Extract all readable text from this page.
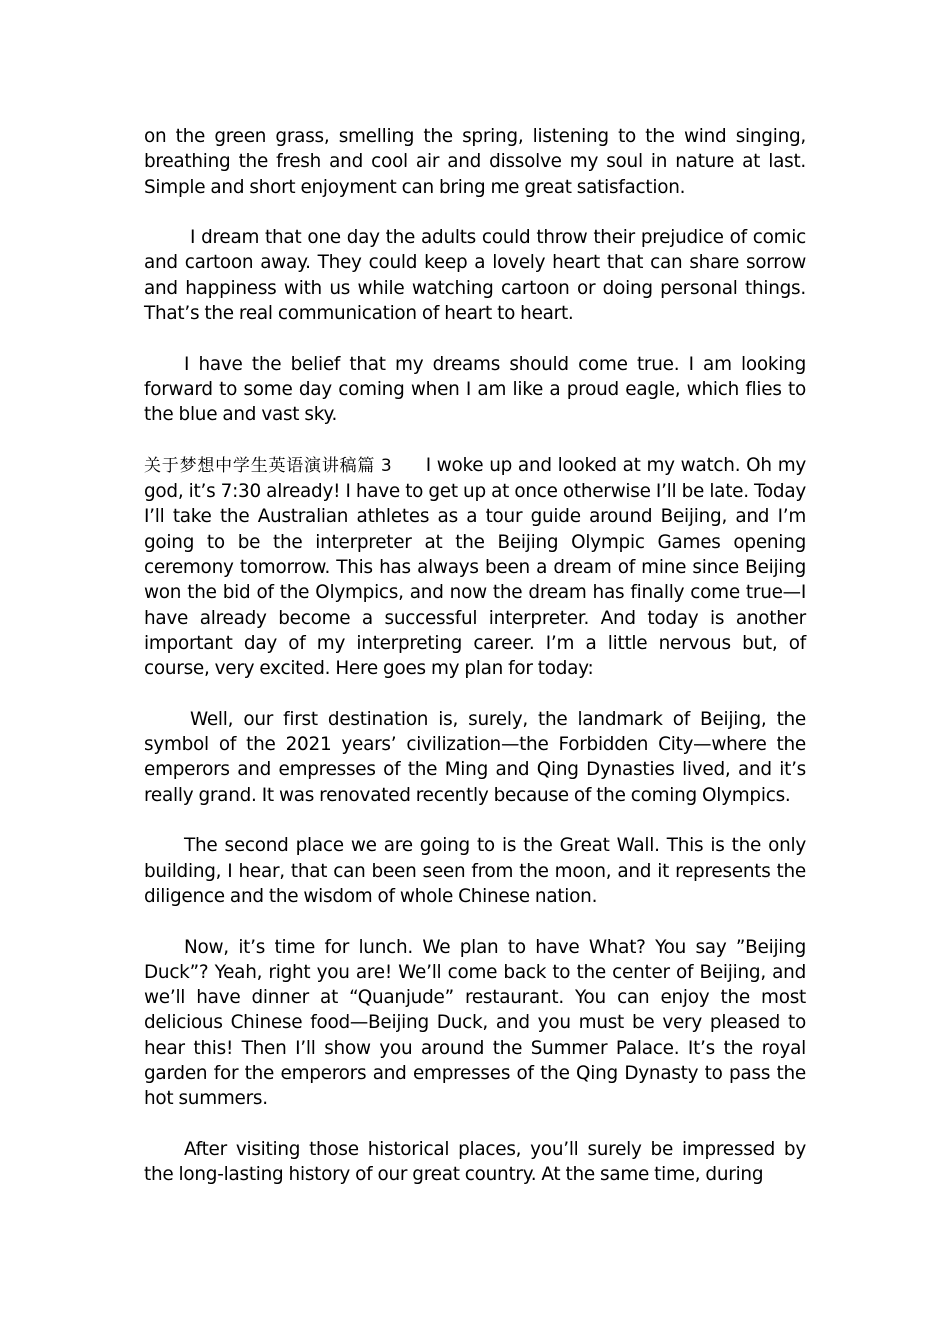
on the green grass, smelling the spring, listening to the wind singing, breathing the fresh and cool air and dissolve my soul in nature at last. Simple and short enjoyment can bring me great satisfaction.

I dream that one day the adults could throw their prejudice of comic and cartoon away. They could keep a lovely heart that can share sorrow and happiness with us while watching cartoon or doing personal things. That’s the real communication of heart to heart.

I have the belief that my dreams should come true. I am looking forward to some day coming when I am like a proud eagle, which flies to the blue and vast sky.

关于梦想中学生英语演讲稿篇 3 I woke up and looked at my watch. Oh my god, it’s 7:30 already! I have to get up at once otherwise I’ll be late. Today I’ll take the Australian athletes as a tour guide around Beijing, and I’m going to be the interpreter at the Beijing Olympic Games opening ceremony tomorrow. This has always been a dream of mine since Beijing won the bid of the Olympics, and now the dream has finally come true—I have already become a successful interpreter. And today is another important day of my interpreting career. I’m a little nervous but, of course, very excited. Here goes my plan for today:

Well, our first destination is, surely, the landmark of Beijing, the symbol of the 2021 years’ civilization—the Forbidden City—where the emperors and empresses of the Ming and Qing Dynasties lived, and it’s really grand. It was renovated recently because of the coming Olympics.

The second place we are going to is the Great Wall. This is the only building, I hear, that can been seen from the moon, and it represents the diligence and the wisdom of whole Chinese nation.

Now, it’s time for lunch. We plan to have What? You say ”Beijing Duck”? Yeah, right you are! We’ll come back to the center of Beijing, and we’ll have dinner at “Quanjude” restaurant. You can enjoy the most delicious Chinese food—Beijing Duck, and you must be very pleased to hear this! Then I’ll show you around the Summer Palace. It’s the royal garden for the emperors and empresses of the Qing Dynasty to pass the hot summers.

After visiting those historical places, you’ll surely be impressed by the long-lasting history of our great country. At the same time, during
